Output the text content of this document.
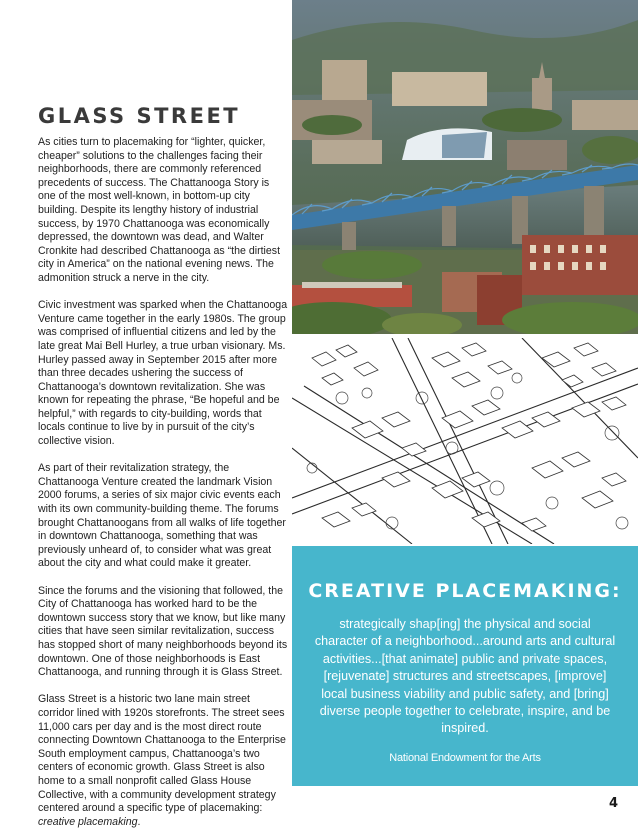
GLASS STREET

As cities turn to placemaking for “lighter, quicker, cheaper” solutions to the challenges facing their neighborhoods, there are commonly referenced precedents of success. The Chattanooga Story is one of the most well-known, in bottom-up city building. Despite its lengthy history of industrial success, by 1970 Chattanooga was economically depressed, the downtown was dead, and Walter Cronkite had described Chattanooga as “the dirtiest city in America” on the national evening news. The admonition struck a nerve in the city.

Civic investment was sparked when the Chattanooga Venture came together in the early 1980s. The group was comprised of influential citizens and led by the late great Mai Bell Hurley, a true urban visionary. Ms. Hurley passed away in September 2015 after more than three decades ushering the success of Chattanooga’s downtown revitalization. She was known for repeating the phrase, “Be hopeful and be helpful,” with regards to city-building, words that locals continue to live by in pursuit of the city’s collective vision.

As part of their revitalization strategy, the Chattanooga Venture created the landmark Vision 2000 forums, a series of six major civic events each with its own community-building theme. The forums brought Chattanoogans from all walks of life together in downtown Chattanooga, something that was previously unheard of, to consider what was great about the city and what could make it greater.

Since the forums and the visioning that followed, the City of Chattanooga has worked hard to be the downtown success story that we know, but like many cities that have seen similar revitalization, success has stopped short of many neighborhoods beyond its downtown. One of those neighborhoods is East Chattanooga, and running through it is Glass Street.

Glass Street is a historic two lane main street corridor lined with 1920s storefronts. The street sees 11,000 cars per day and is the most direct route connecting Downtown Chattanooga to the Enterprise South employment campus, Chattanooga’s two centers of economic growth. Glass Street is also home to a small nonprofit called Glass House Collective, with a community development strategy centered around a specific type of placemaking: creative placemaking.

CREATIVE PLACEMAKING:

strategically shap[ing] the physical and social character of a neighborhood...around arts and cultural activities...[that animate] public and private spaces, [rejuvenate] structures and streetscapes, [improve] local business viability and public safety, and [bring] diverse people together to celebrate, inspire, and be inspired.

National Endowment for the Arts

4
